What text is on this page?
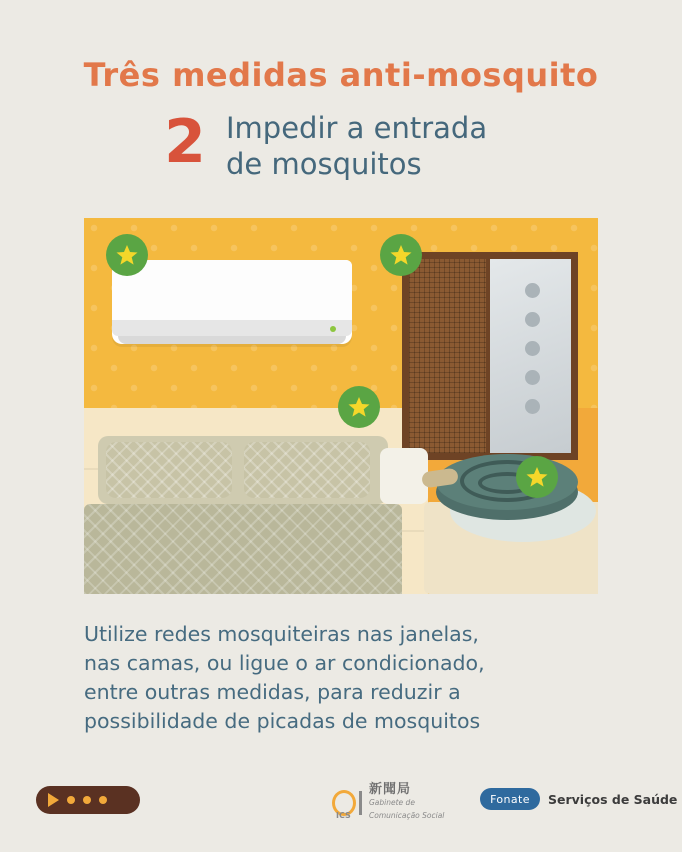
Três medidas anti-mosquito
2 Impedir a entrada
de mosquitos
Utilize redes mosquiteiras nas janelas,
nas camas, ou ligue o ar condicionado,
entre outras medidas, para reduzir a
possibilidade de picadas de mosquitos
ICS
新聞局
Gabinete de
Comunicação Social
Fonate	Serviços de Saúde
